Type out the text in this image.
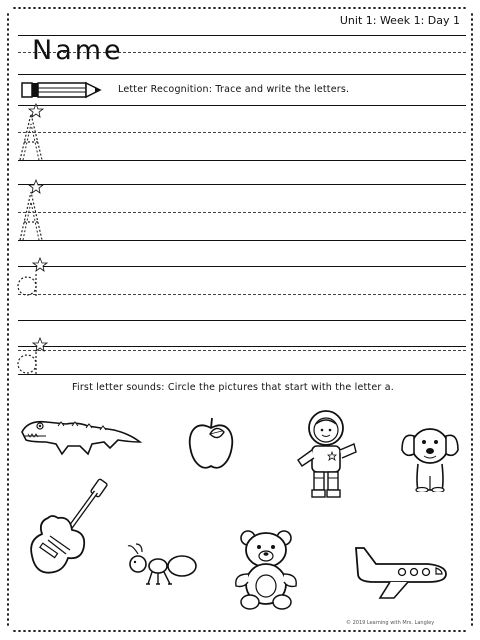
Unit 1: Week 1: Day 1
Name
Letter Recognition: Trace and write the letters.
First letter sounds: Circle the pictures that start with the letter a.
© 2019 Learning with Mrs. Langley
